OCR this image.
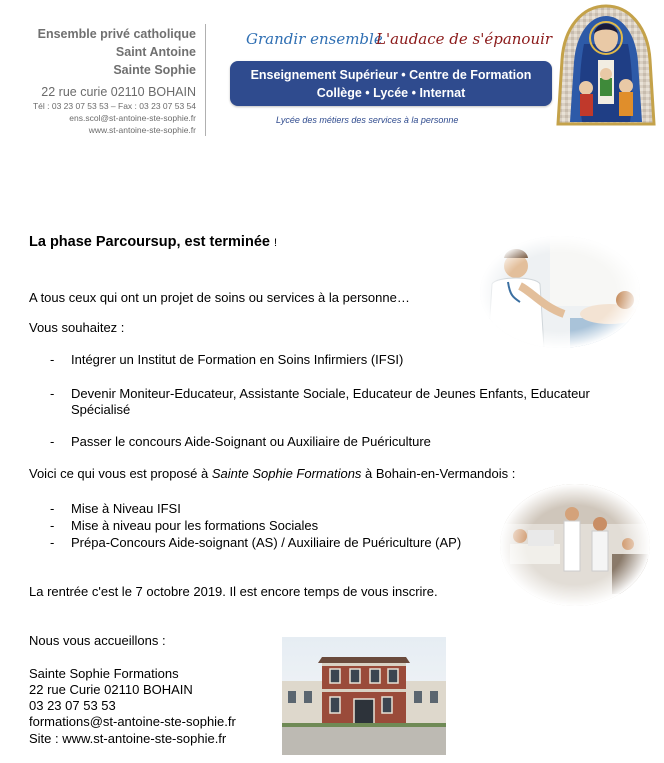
Ensemble privé catholique
Saint Antoine
Sainte Sophie
22 rue curie 02110 BOHAIN
Tél : 03 23 07 53 53 – Fax : 03 23 07 53 54
ens.scol@st-antoine-ste-sophie.fr
www.st-antoine-ste-sophie.fr
Grandir ensemble
L'audace de s'épanouir
Enseignement Supérieur • Centre de Formation
Collège • Lycée • Internat
Lycée des métiers des services à la personne
La phase Parcoursup, est terminée !
A tous ceux qui ont un projet de soins ou services à la personne…
Vous souhaitez :
- Intégrer un Institut de Formation en Soins Infirmiers (IFSI)
- Devenir Moniteur-Educateur, Assistante Sociale, Educateur de Jeunes Enfants, Educateur
Spécialisé
- Passer le concours Aide-Soignant ou Auxiliaire de Puériculture
Voici ce qui vous est proposé à Sainte Sophie Formations à Bohain-en-Vermandois :
- Mise à Niveau IFSI
- Mise à niveau pour les formations Sociales
- Prépa-Concours Aide-soignant (AS) / Auxiliaire de Puériculture (AP)
La rentrée c'est le 7 octobre 2019. Il est encore temps de vous inscrire.
Nous vous accueillons :
Sainte Sophie Formations
22 rue Curie 02110 BOHAIN
03 23 07 53 53
formations@st-antoine-ste-sophie.fr
Site : www.st-antoine-ste-sophie.fr
